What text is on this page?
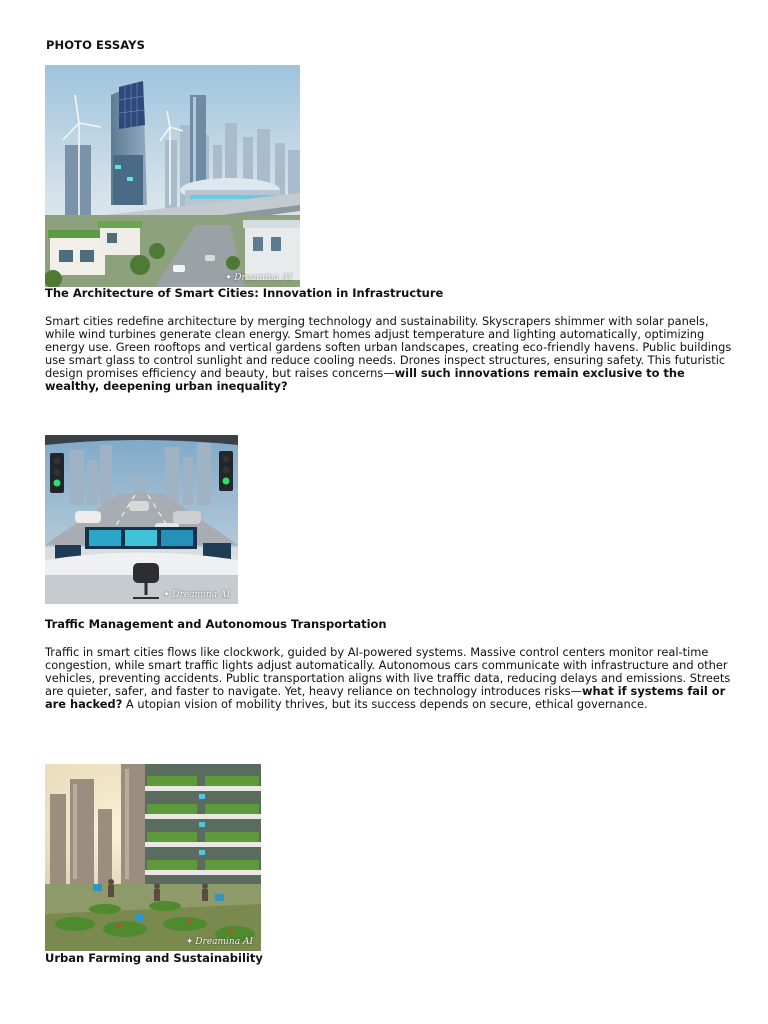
PHOTO ESSAYS
✦ Dreamina AI
The Architecture of Smart Cities: Innovation in Infrastructure
Smart cities redefine architecture by merging technology and sustainability. Skyscrapers shimmer with solar panels, while wind turbines generate clean energy. Smart homes adjust temperature and lighting automatically, optimizing energy use. Green rooftops and vertical gardens soften urban landscapes, creating eco-friendly havens. Public buildings use smart glass to control sunlight and reduce cooling needs. Drones inspect structures, ensuring safety. This futuristic design promises efficiency and beauty, but raises concerns—will such innovations remain exclusive to the wealthy, deepening urban inequality?
✦ Dreamina AI
Traffic Management and Autonomous Transportation
Traffic in smart cities flows like clockwork, guided by AI-powered systems. Massive control centers monitor real-time congestion, while smart traffic lights adjust automatically. Autonomous cars communicate with infrastructure and other vehicles, preventing accidents. Public transportation aligns with live traffic data, reducing delays and emissions. Streets are quieter, safer, and faster to navigate. Yet, heavy reliance on technology introduces risks—what if systems fail or are hacked? A utopian vision of mobility thrives, but its success depends on secure, ethical governance.
✦ Dreamina AI
Urban Farming and Sustainability
